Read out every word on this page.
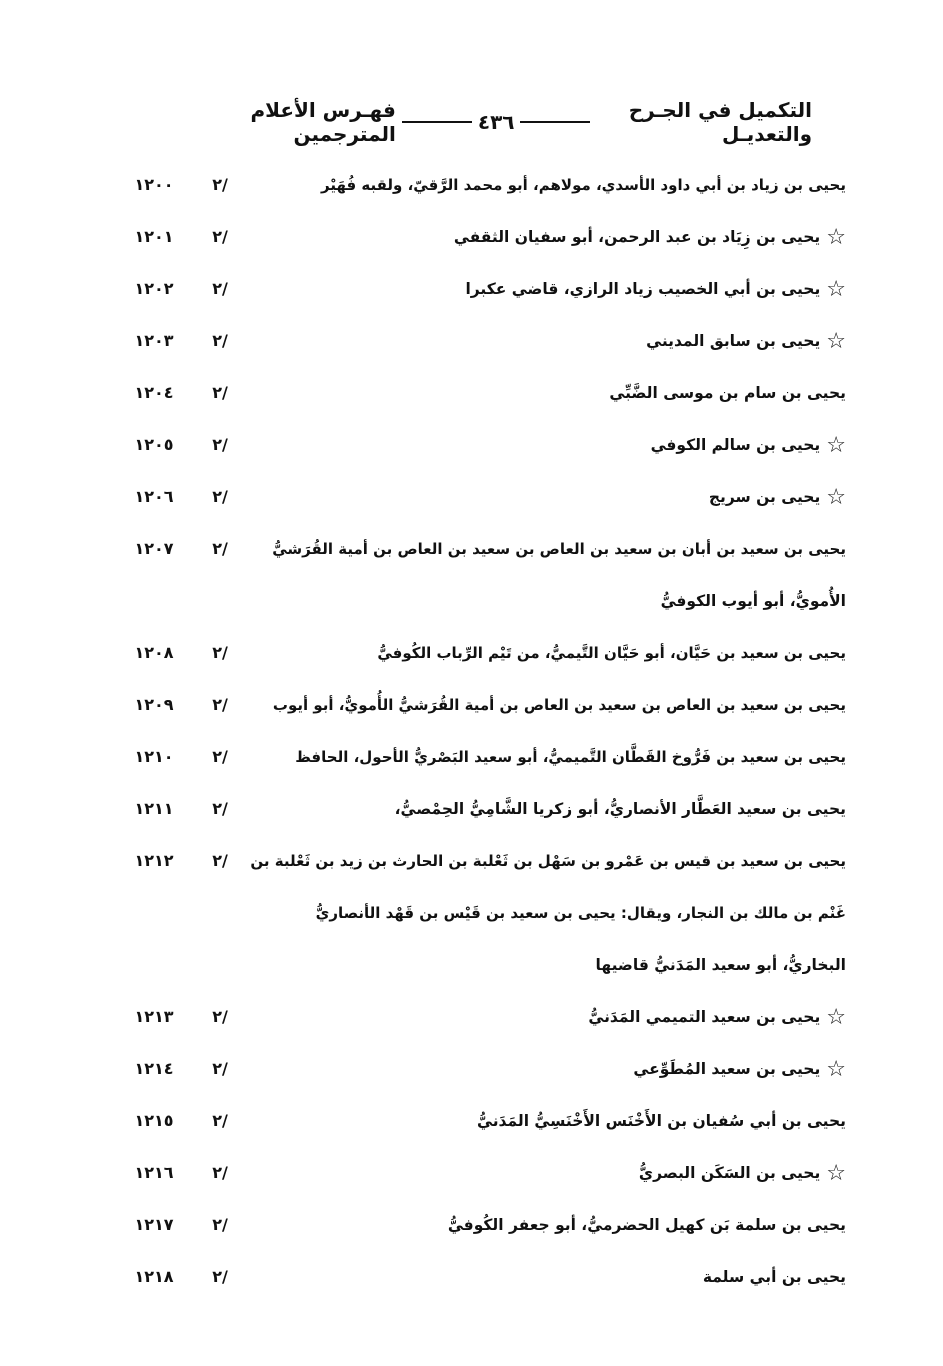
التكميل في الجـرح والتعديـل
٤٣٦
فهـرس الأعلام المترجمين
يحيى بن زياد بن أبي داود الأسدي، مولاهم، أبو محمد الرَّقيّ، ولقبه فُهَيْر
٢/
١٢٠٠
☆يحيى بن زِيَاد بن عبد الرحمن، أبو سفيان الثقفي
٢/
١٢٠١
☆يحيى بن أبي الخصيب زياد الرازي، قاضي عكبرا
٢/
١٢٠٢
☆يحيى بن سابق المديني
٢/
١٢٠٣
يحيى بن سام بن موسى الضَّبِّي
٢/
١٢٠٤
☆يحيى بن سالم الكوفي
٢/
١٢٠٥
☆يحيى بن سريج
٢/
١٢٠٦
يحيى بن سعيد بن أبان بن سعيد بن العاص بن سعيد بن العاص بن أمية القُرَشيُّ
٢/
١٢٠٧
الأُمويُّ، أبو أيوب الكوفيُّ
يحيى بن سعيد بن حَيَّان، أبو حَيَّان التَّيميُّ، من تَيْم الرِّباب الكُوفيُّ
٢/
١٢٠٨
يحيى بن سعيد بن العاص بن سعيد بن العاص بن أمية القُرَشيُّ الأُمويُّ، أبو أيوب
٢/
١٢٠٩
يحيى بن سعيد بن فَرُّوخ القَطَّان التَّميميُّ، أبو سعيد البَصْريُّ الأحول، الحافظ
٢/
١٢١٠
يحيى بن سعيد العَطَّار الأنصاريُّ، أبو زكريا الشَّامِيُّ الحِمْصيُّ،
٢/
١٢١١
يحيى بن سعيد بن قيس بن عَمْرو بن سَهْل بن ثَعْلبة بن الحارث بن زيد بن ثَعْلبة بن
٢/
١٢١٢
غَنْم بن مالك بن النجار، ويقال: يحيى بن سعيد بن قَيْس بن قَهْد الأنصاريُّ
البخاريُّ، أبو سعيد المَدَنيُّ قاضيها
☆يحيى بن سعيد التميمي المَدَنيُّ
٢/
١٢١٣
☆يحيى بن سعيد المُطَوِّعي
٢/
١٢١٤
يحيى بن أبي سُفيان بن الأَخْنَس الأَخْنَسِيُّ المَدَنيُّ
٢/
١٢١٥
☆يحيى بن السَكَن البصريُّ
٢/
١٢١٦
يحيى بن سلمة بَن كهيل الحضرميُّ، أبو جعفر الكُوفيُّ
٢/
١٢١٧
يحيى بن أبي سلمة
٢/
١٢١٨
